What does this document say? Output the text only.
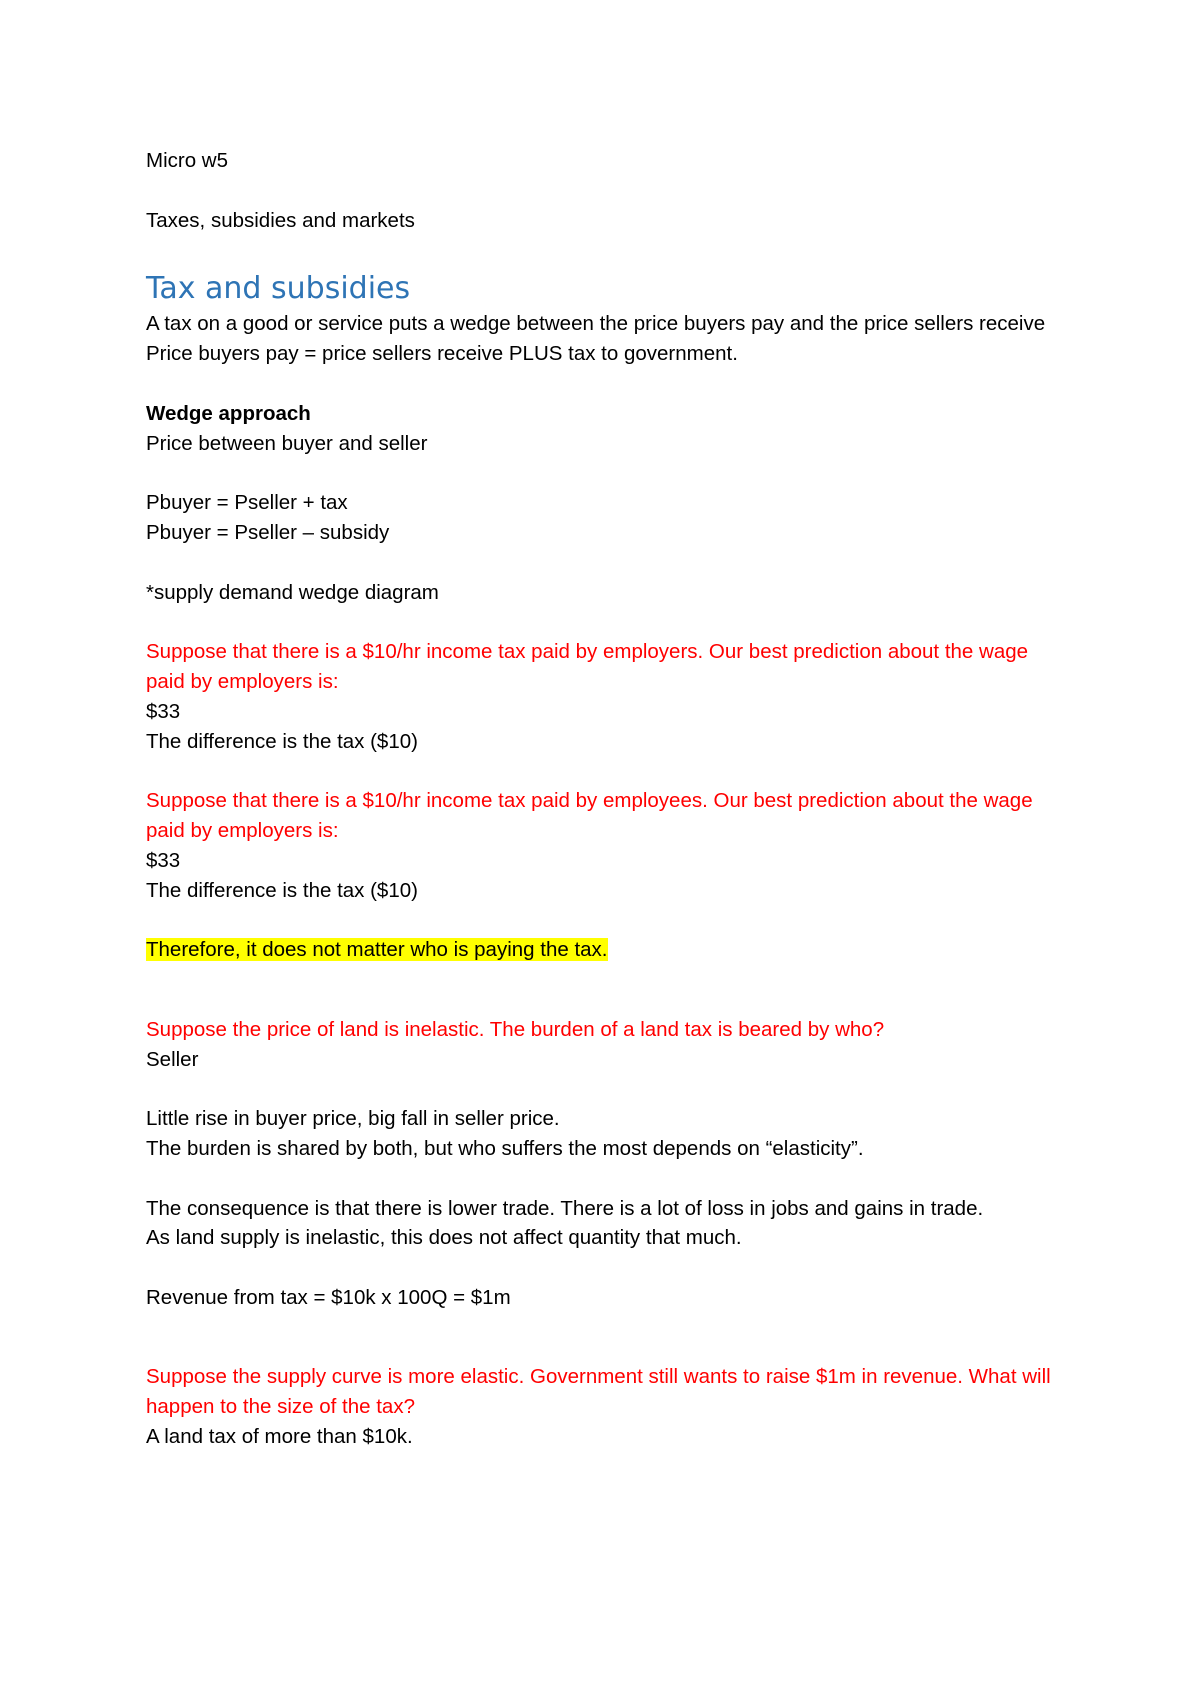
Micro w5
Taxes, subsidies and markets
Tax and subsidies
A tax on a good or service puts a wedge between the price buyers pay and the price sellers receive
Price buyers pay = price sellers receive PLUS tax to government.
Wedge approach
Price between buyer and seller
Pbuyer = Pseller + tax
Pbuyer = Pseller – subsidy
*supply demand wedge diagram
Suppose that there is a $10/hr income tax paid by employers. Our best prediction about the wage paid by employers is:
$33
The difference is the tax ($10)
Suppose that there is a $10/hr income tax paid by employees. Our best prediction about the wage paid by employers is:
$33
The difference is the tax ($10)
Therefore, it does not matter who is paying the tax.
Suppose the price of land is inelastic. The burden of a land tax is beared by who?
Seller
Little rise in buyer price, big fall in seller price.
The burden is shared by both, but who suffers the most depends on “elasticity”.
The consequence is that there is lower trade. There is a lot of loss in jobs and gains in trade.
As land supply is inelastic, this does not affect quantity that much.
Revenue from tax = $10k x 100Q = $1m
Suppose the supply curve is more elastic. Government still wants to raise $1m in revenue. What will happen to the size of the tax?
A land tax of more than $10k.
